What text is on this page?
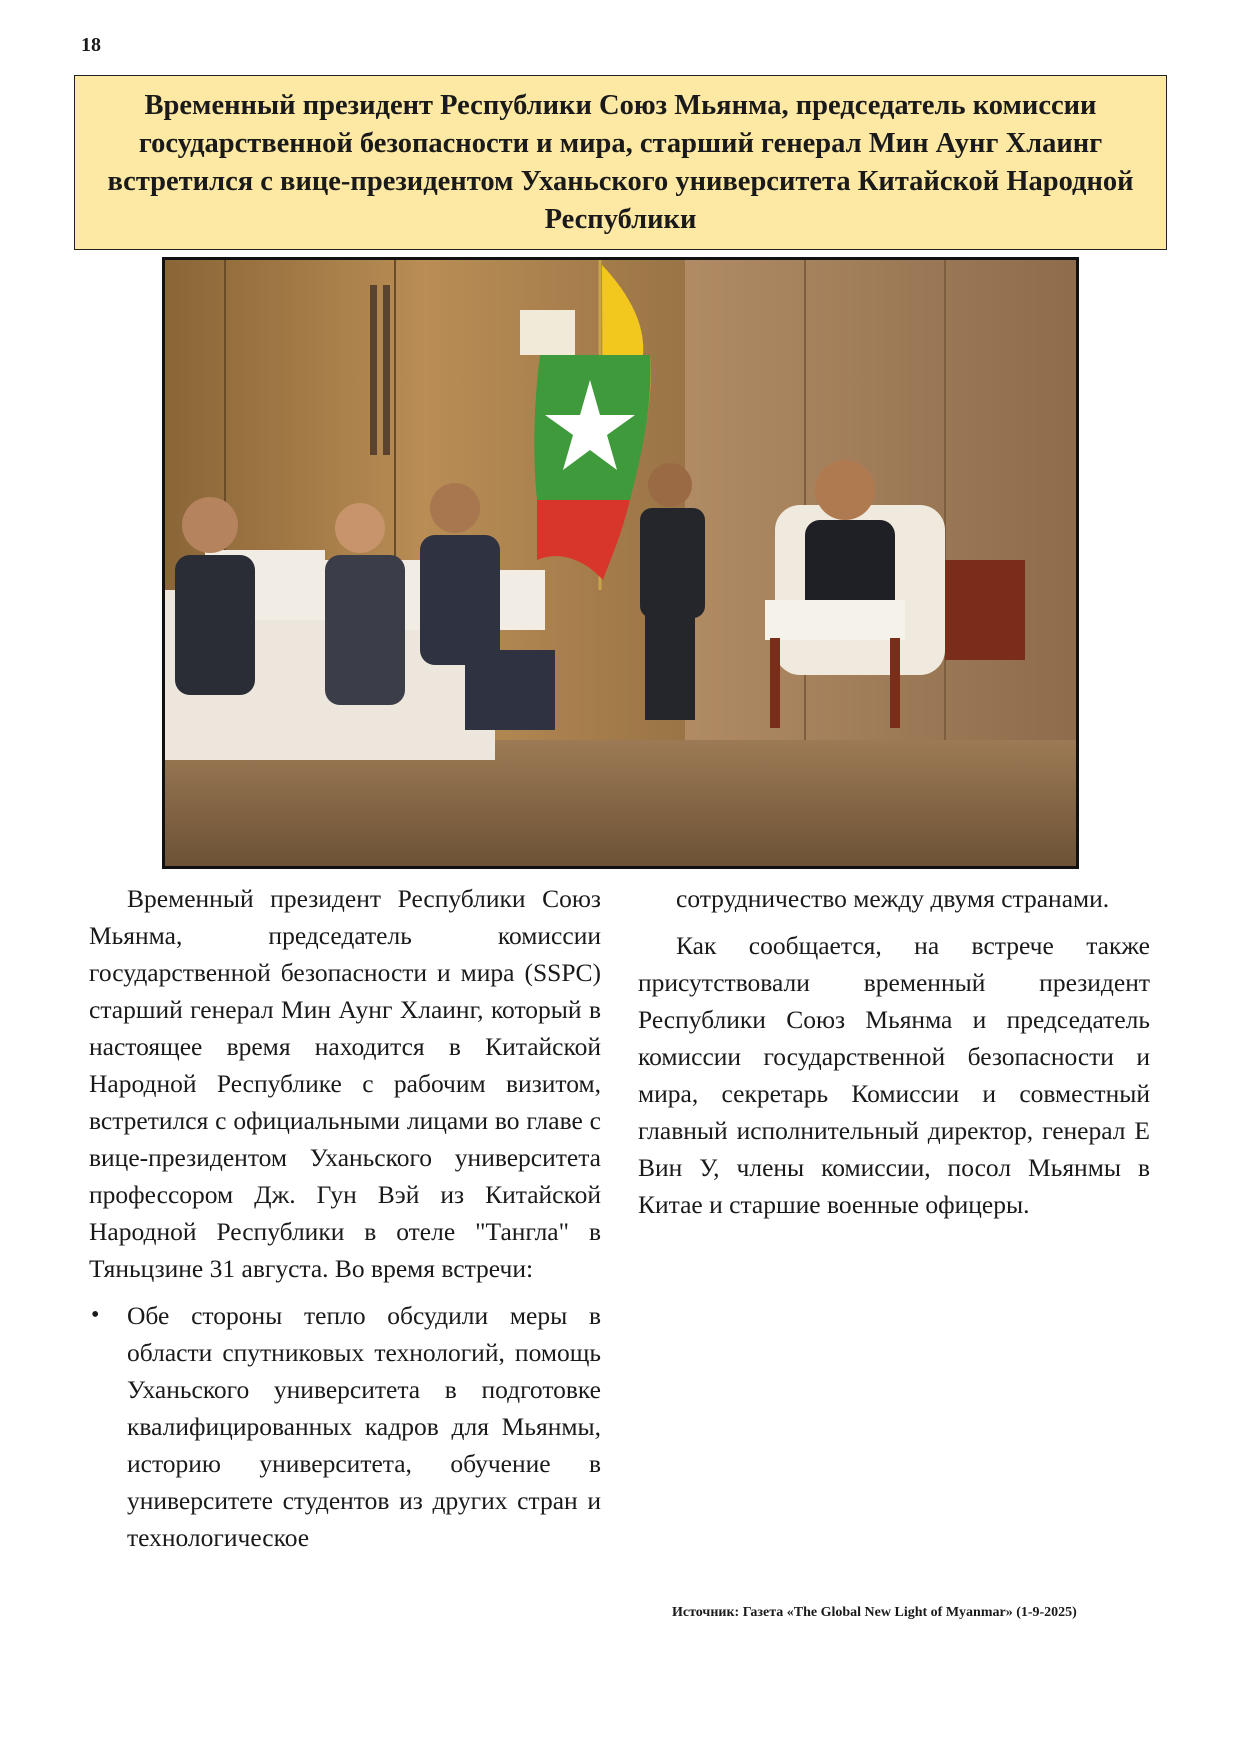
18
Временный президент Республики Союз Мьянма, председатель комиссии государственной безопасности и мира, старший генерал Мин Аунг Хлаинг встретился с вице-президентом Уханьского университета Китайской Народной Республики

Временный президент Республики Союз Мьянма, председатель комиссии государственной безопасности и мира (SSPC) старший генерал Мин Аунг Хлаинг, который в настоящее время находится в Китайской Народной Республике с рабочим визитом, встретился с официальными лицами во главе с вице-президентом Уханьского университета профессором Дж. Гун Вэй из Китайской Народной Республики в отеле "Тангла" в Тяньцзине 31 августа. Во время встречи:

• Обе стороны тепло обсудили меры в области спутниковых технологий, помощь Уханьского университета в подготовке квалифицированных кадров для Мьянмы, историю университета, обучение в университете студентов из других стран и технологическое

сотрудничество между двумя странами.

Как сообщается, на встрече также присутствовали временный президент Республики Союз Мьянма и председатель комиссии государственной безопасности и мира, секретарь Комиссии и совместный главный исполнительный директор, генерал Е Вин У, члены комиссии, посол Мьянмы в Китае и старшие военные офицеры.

Источник: Газета «The Global New Light of Myanmar» (1-9-2025)
